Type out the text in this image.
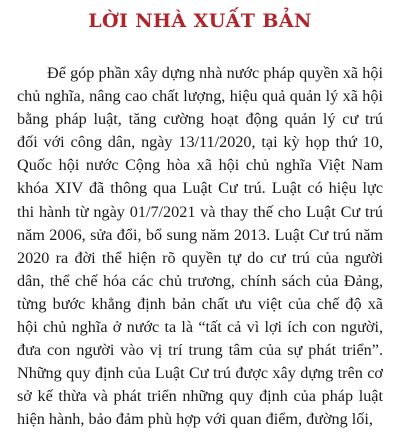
LỜI NHÀ XUẤT BẢN
Để góp phần xây dựng nhà nước pháp quyền xã hội
chủ nghĩa, nâng cao chất lượng, hiệu quả quản lý xã hội
bằng pháp luật, tăng cường hoạt động quản lý cư trú
đối với công dân, ngày 13/11/2020, tại kỳ họp thứ 10,
Quốc hội nước Cộng hòa xã hội chủ nghĩa Việt Nam
khóa XIV đã thông qua Luật Cư trú. Luật có hiệu lực
thi hành từ ngày 01/7/2021 và thay thế cho Luật Cư trú
năm 2006, sửa đổi, bổ sung năm 2013. Luật Cư trú năm
2020 ra đời thể hiện rõ quyền tự do cư trú của người
dân, thể chế hóa các chủ trương, chính sách của Đảng,
từng bước khẳng định bản chất ưu việt của chế độ xã
hội chủ nghĩa ở nước ta là “tất cả vì lợi ích con người,
đưa con người vào vị trí trung tâm của sự phát triển”.
Những quy định của Luật Cư trú được xây dựng trên cơ
sở kế thừa và phát triển những quy định của pháp luật
hiện hành, bảo đảm phù hợp với quan điểm, đường lối,
